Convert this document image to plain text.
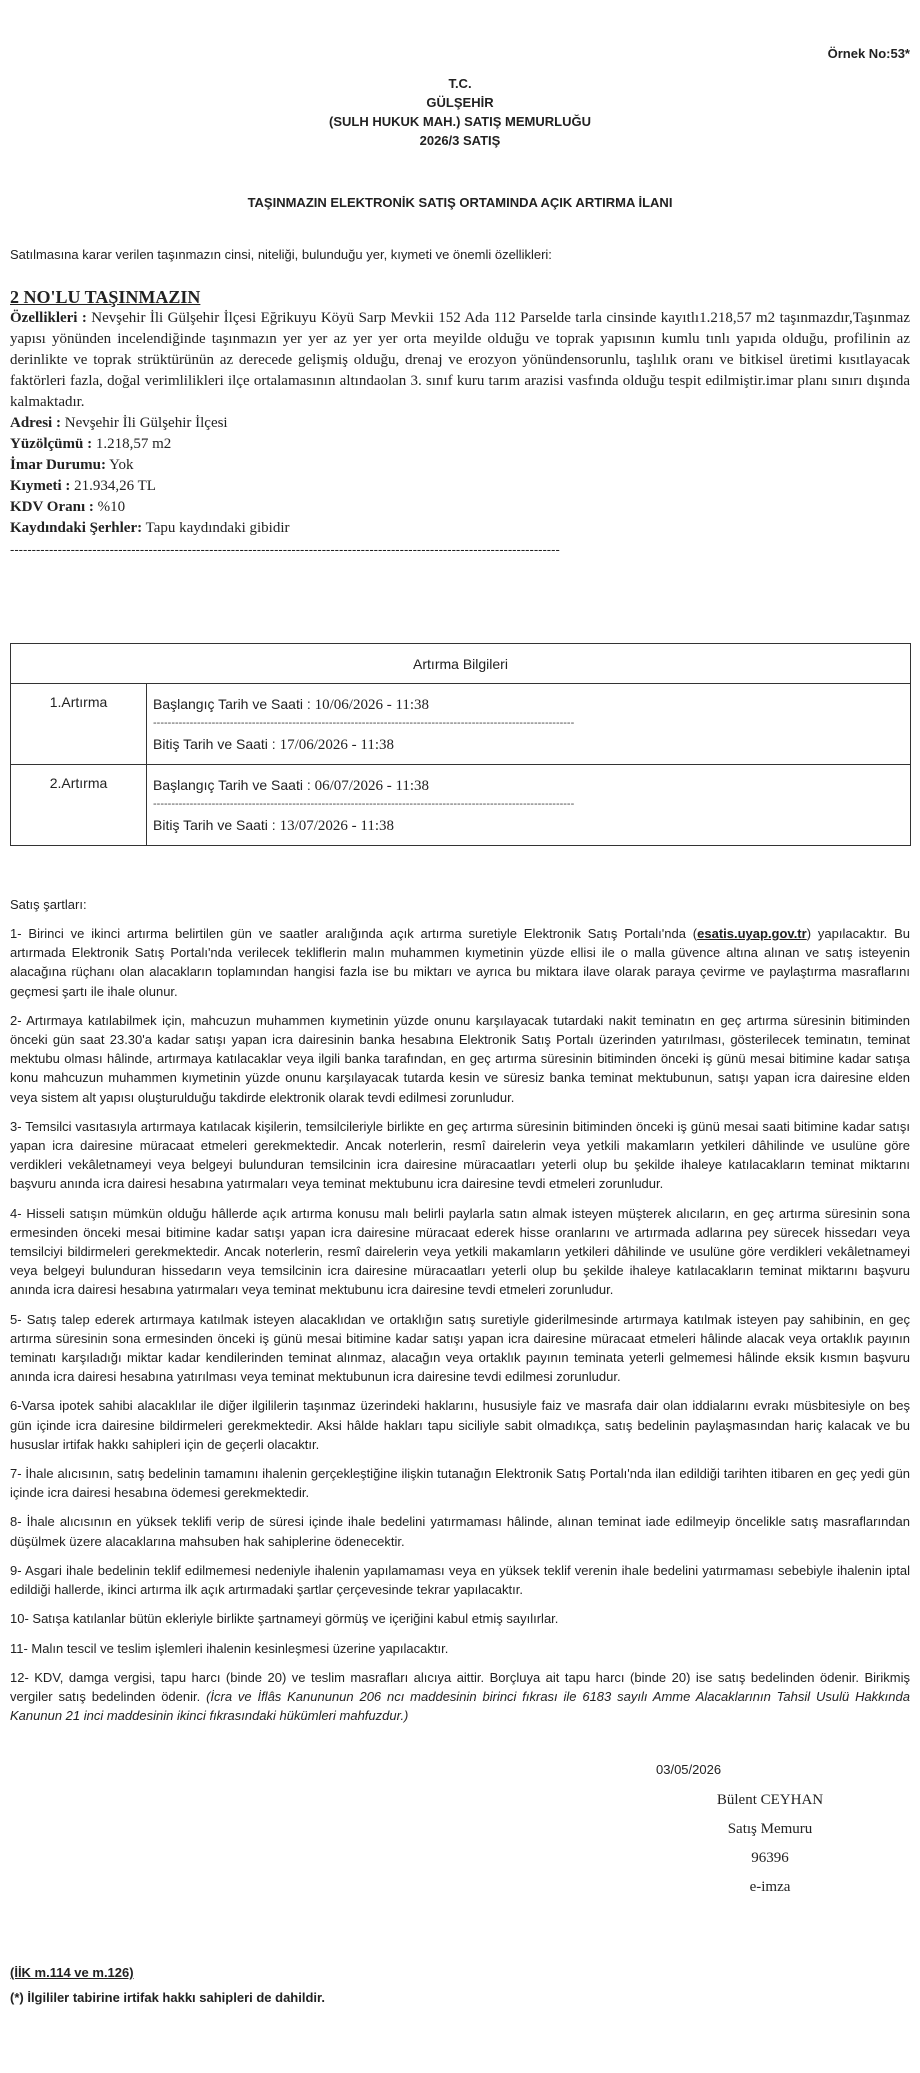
Örnek No:53*
T.C.
GÜLŞEHİR
(SULH HUKUK MAH.) SATIŞ MEMURLUĞU
2026/3 SATIŞ
TAŞINMAZIN ELEKTRONİK SATIŞ ORTAMINDA AÇIK ARTIRMA İLANI
Satılmasına karar verilen taşınmazın cinsi, niteliği, bulunduğu yer, kıymeti ve önemli özellikleri:
2 NO'LU TAŞINMAZIN
Özellikleri : Nevşehir İli Gülşehir İlçesi Eğrikuyu Köyü Sarp Mevkii 152 Ada 112 Parselde tarla cinsinde kayıtlı1.218,57 m2 taşınmazdır,Taşınmaz yapısı yönünden incelendiğinde taşınmazın yer yer az yer yer orta meyilde olduğu ve toprak yapısının kumlu tınlı yapıda olduğu, profilinin az derinlikte ve toprak strüktürünün az derecede gelişmiş olduğu, drenaj ve erozyon yönündensorunlu, taşlılık oranı ve bitkisel üretimi kısıtlayacak faktörleri fazla, doğal verimlilikleri ilçe ortalamasının altındaolan 3. sınıf kuru tarım arazisi vasfında olduğu tespit edilmiştir.imar planı sınırı dışında kalmaktadır.
Adresi : Nevşehir İli Gülşehir İlçesi
Yüzölçümü : 1.218,57 m2
İmar Durumu: Yok
Kıymeti : 21.934,26 TL
KDV Oranı : %10
Kaydındaki Şerhler: Tapu kaydındaki gibidir
-------------------------------------------------------------------------------------------------------------------------------
Artırma Bilgileri	
1.Artırma	Başlangıç Tarih ve Saati : 10/06/2026 - 11:38
-------------------------------------------------------------------------------------------------------------------
Bitiş Tarih ve Saati : 17/06/2026 - 11:38

2.Artırma	Başlangıç Tarih ve Saati : 06/07/2026 - 11:38
-------------------------------------------------------------------------------------------------------------------
Bitiş Tarih ve Saati : 13/07/2026 - 11:38
Satış şartları:

1- Birinci ve ikinci artırma belirtilen gün ve saatler aralığında açık artırma suretiyle Elektronik Satış Portalı'nda (esatis.uyap.gov.tr) yapılacaktır. Bu artırmada Elektronik Satış Portalı'nda verilecek tekliflerin malın muhammen kıymetinin yüzde ellisi ile o malla güvence altına alınan ve satış isteyenin alacağına rüçhanı olan alacakların toplamından hangisi fazla ise bu miktarı ve ayrıca bu miktara ilave olarak paraya çevirme ve paylaştırma masraflarını geçmesi şartı ile ihale olunur.

2- Artırmaya katılabilmek için, mahcuzun muhammen kıymetinin yüzde onunu karşılayacak tutardaki nakit teminatın en geç artırma süresinin bitiminden önceki gün saat 23.30'a kadar satışı yapan icra dairesinin banka hesabına Elektronik Satış Portalı üzerinden yatırılması, gösterilecek teminatın, teminat mektubu olması hâlinde, artırmaya katılacaklar veya ilgili banka tarafından, en geç artırma süresinin bitiminden önceki iş günü mesai bitimine kadar satışa konu mahcuzun muhammen kıymetinin yüzde onunu karşılayacak tutarda kesin ve süresiz banka teminat mektubunun, satışı yapan icra dairesine elden veya sistem alt yapısı oluşturulduğu takdirde elektronik olarak tevdi edilmesi zorunludur.

3- Temsilci vasıtasıyla artırmaya katılacak kişilerin, temsilcileriyle birlikte en geç artırma süresinin bitiminden önceki iş günü mesai saati bitimine kadar satışı yapan icra dairesine müracaat etmeleri gerekmektedir. Ancak noterlerin, resmî dairelerin veya yetkili makamların yetkileri dâhilinde ve usulüne göre verdikleri vekâletnameyi veya belgeyi bulunduran temsilcinin icra dairesine müracaatları yeterli olup bu şekilde ihaleye katılacakların teminat miktarını başvuru anında icra dairesi hesabına yatırmaları veya teminat mektubunu icra dairesine tevdi etmeleri zorunludur.

4- Hisseli satışın mümkün olduğu hâllerde açık artırma konusu malı belirli paylarla satın almak isteyen müşterek alıcıların, en geç artırma süresinin sona ermesinden önceki mesai bitimine kadar satışı yapan icra dairesine müracaat ederek hisse oranlarını ve artırmada adlarına pey sürecek hissedarı veya temsilciyi bildirmeleri gerekmektedir. Ancak noterlerin, resmî dairelerin veya yetkili makamların yetkileri dâhilinde ve usulüne göre verdikleri vekâletnameyi veya belgeyi bulunduran hissedarın veya temsilcinin icra dairesine müracaatları yeterli olup bu şekilde ihaleye katılacakların teminat miktarını başvuru anında icra dairesi hesabına yatırmaları veya teminat mektubunu icra dairesine tevdi etmeleri zorunludur.

5- Satış talep ederek artırmaya katılmak isteyen alacaklıdan ve ortaklığın satış suretiyle giderilmesinde artırmaya katılmak isteyen pay sahibinin, en geç artırma süresinin sona ermesinden önceki iş günü mesai bitimine kadar satışı yapan icra dairesine müracaat etmeleri hâlinde alacak veya ortaklık payının teminatı karşıladığı miktar kadar kendilerinden teminat alınmaz, alacağın veya ortaklık payının teminata yeterli gelmemesi hâlinde eksik kısmın başvuru anında icra dairesi hesabına yatırılması veya teminat mektubunun icra dairesine tevdi edilmesi zorunludur.

6-Varsa ipotek sahibi alacaklılar ile diğer ilgililerin taşınmaz üzerindeki haklarını, hususiyle faiz ve masrafa dair olan iddialarını evrakı müsbitesiyle on beş gün içinde icra dairesine bildirmeleri gerekmektedir. Aksi hâlde hakları tapu siciliyle sabit olmadıkça, satış bedelinin paylaşmasından hariç kalacak ve bu hususlar irtifak hakkı sahipleri için de geçerli olacaktır.

7- İhale alıcısının, satış bedelinin tamamını ihalenin gerçekleştiğine ilişkin tutanağın Elektronik Satış Portalı'nda ilan edildiği tarihten itibaren en geç yedi gün içinde icra dairesi hesabına ödemesi gerekmektedir.

8- İhale alıcısının en yüksek teklifi verip de süresi içinde ihale bedelini yatırmaması hâlinde, alınan teminat iade edilmeyip öncelikle satış masraflarından düşülmek üzere alacaklarına mahsuben hak sahiplerine ödenecektir.

9- Asgari ihale bedelinin teklif edilmemesi nedeniyle ihalenin yapılamaması veya en yüksek teklif verenin ihale bedelini yatırmaması sebebiyle ihalenin iptal edildiği hallerde, ikinci artırma ilk açık artırmadaki şartlar çerçevesinde tekrar yapılacaktır.

10- Satışa katılanlar bütün ekleriyle birlikte şartnameyi görmüş ve içeriğini kabul etmiş sayılırlar.

11- Malın tescil ve teslim işlemleri ihalenin kesinleşmesi üzerine yapılacaktır.

12- KDV, damga vergisi, tapu harcı (binde 20) ve teslim masrafları alıcıya aittir. Borçluya ait tapu harcı (binde 20) ise satış bedelinden ödenir. Birikmiş vergiler satış bedelinden ödenir. (İcra ve İflâs Kanununun 206 ncı maddesinin birinci fıkrası ile 6183 sayılı Amme Alacaklarının Tahsil Usulü Hakkında Kanunun 21 inci maddesinin ikinci fıkrasındaki hükümleri mahfuzdur.)

03/05/2026
Bülent CEYHAN
Satış Memuru
96396
e-imza
(İİK m.114 ve m.126)
(*) İlgililer tabirine irtifak hakkı sahipleri de dahildir.
